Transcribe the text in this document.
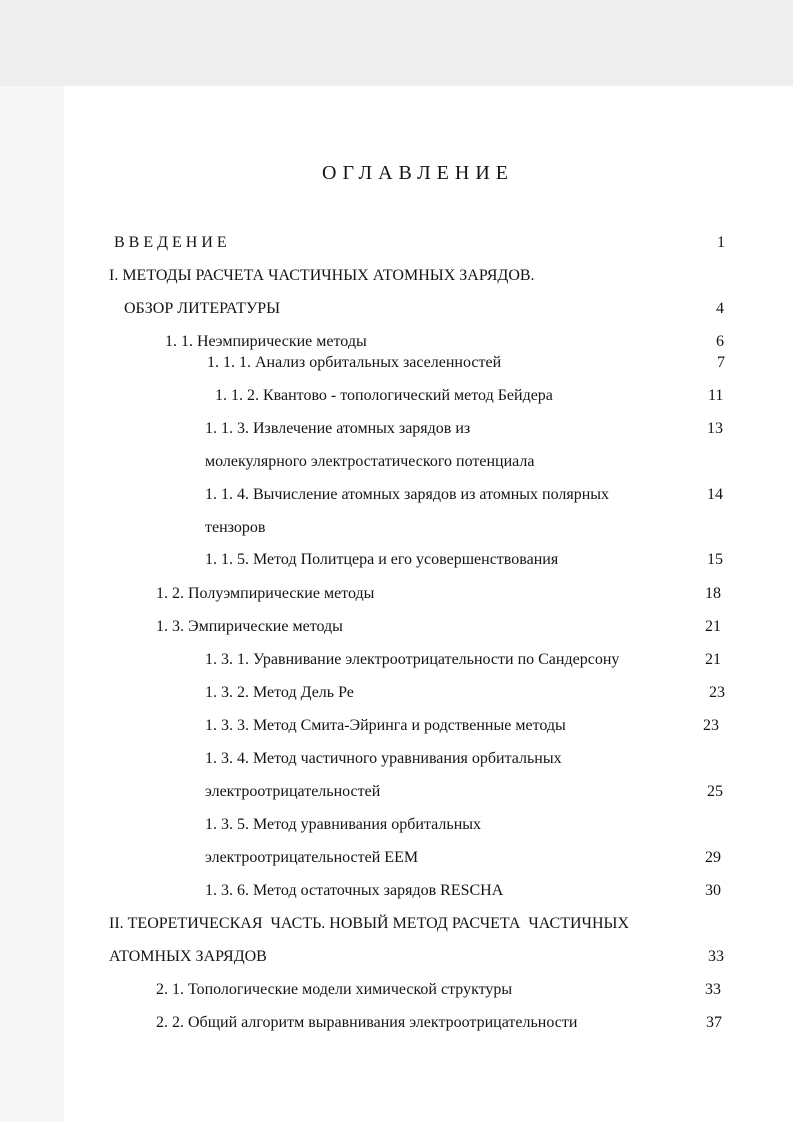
ОГЛАВЛЕНИЕ
ВВЕДЕНИЕ	1
I. МЕТОДЫ РАСЧЕТА ЧАСТИЧНЫХ АТОМНЫХ ЗАРЯДОВ.
ОБЗОР ЛИТЕРАТУРЫ	4
1. 1. Неэмпирические методы	6
1. 1. 1. Анализ орбитальных заселенностей	7
1. 1. 2. Квантово - топологический метод Бейдера	11
1. 1. 3. Извлечение атомных зарядов из	13
молекулярного электростатического потенциала
1. 1. 4. Вычисление атомных зарядов из атомных полярных	14
тензоров
1. 1. 5. Метод Политцера и его усовершенствования	15
1. 2. Полуэмпирические методы	18
1. 3. Эмпирические методы	21
1. 3. 1. Уравнивание электроотрицательности по Сандерсону	21
1. 3. 2. Метод Дель Ре	23
1. 3. 3. Метод Смита-Эйринга и родственные методы	23
1. 3. 4. Метод частичного уравнивания орбитальных
электроотрицательностей	25
1. 3. 5. Метод уравнивания орбитальных
электроотрицательностей ЕЕМ	29
1. 3. 6. Метод остаточных зарядов RESCHA	30
II. ТЕОРЕТИЧЕСКАЯ  ЧАСТЬ. НОВЫЙ МЕТОД РАСЧЕТА  ЧАСТИЧНЫХ
АТОМНЫХ ЗАРЯДОВ	33
2. 1. Топологические модели химической структуры	33
2. 2. Общий алгоритм выравнивания электроотрицательности	37
